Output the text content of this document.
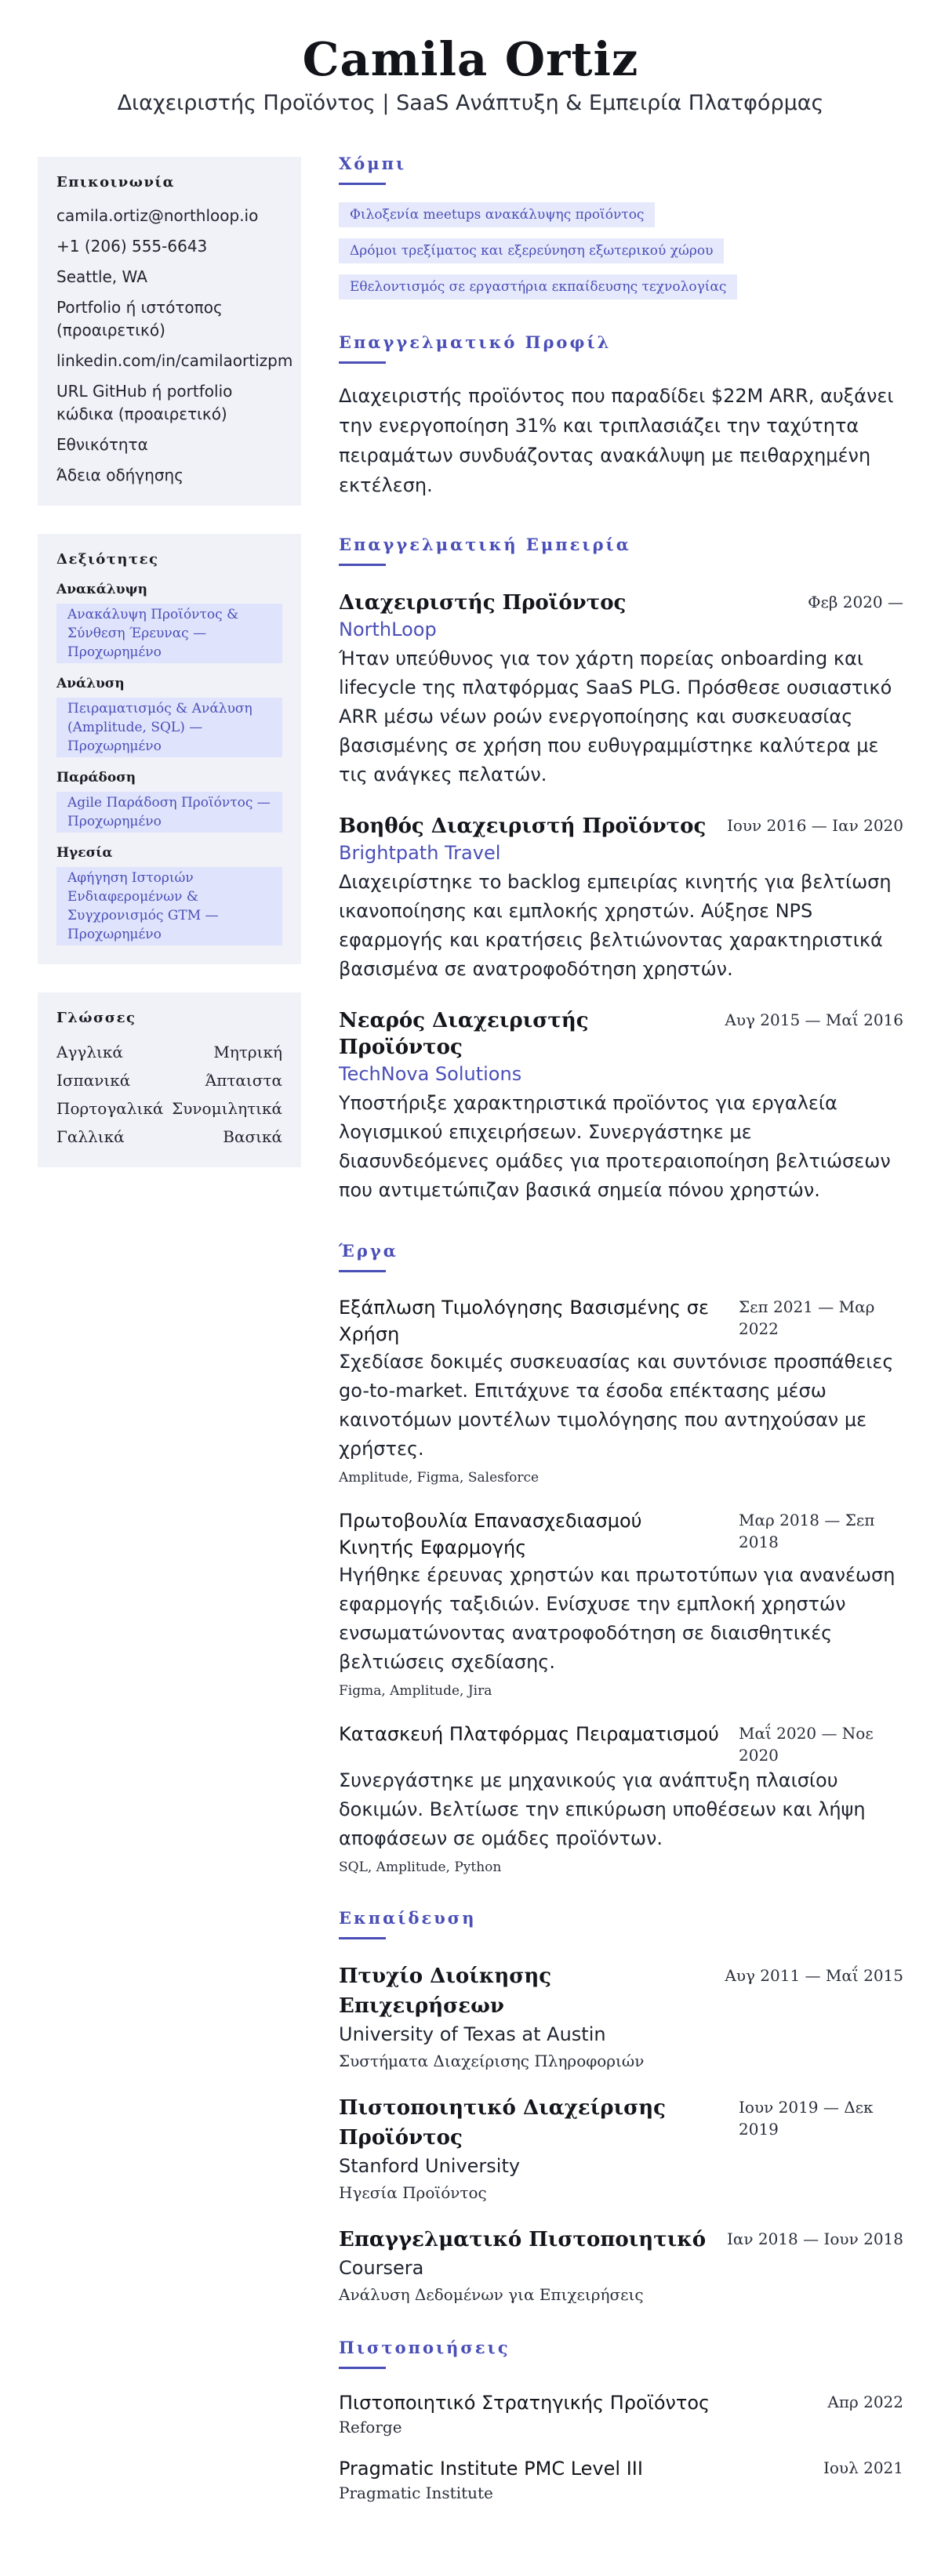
Camila Ortiz
Διαχειριστής Προϊόντος | SaaS Ανάπτυξη & Εμπειρία Πλατφόρμας
Επικοινωνία
camila.ortiz@northloop.io
+1 (206) 555-6643
Seattle, WA
Portfolio ή ιστότοπος (προαιρετικό)
linkedin.com/in/camilaortizpm
URL GitHub ή portfolio κώδικα (προαιρετικό)
Εθνικότητα
Άδεια οδήγησης
Δεξιότητες
Ανακάλυψη
Ανακάλυψη Προϊόντος & Σύνθεση Έρευνας — Προχωρημένο
Ανάλυση
Πειραματισμός & Ανάλυση (Amplitude, SQL) — Προχωρημένο
Παράδοση
Agile Παράδοση Προϊόντος — Προχωρημένο
Ηγεσία
Αφήγηση Ιστοριών Ενδιαφερομένων & Συγχρονισμός GTM — Προχωρημένο
Γλώσσες
Αγγλικά	Μητρική
Ισπανικά	Άπταιστα
Πορτογαλικά Συνομιλητικά
Γαλλικά	Βασικά
Χόμπι
Φιλοξενία meetups ανακάλυψης προϊόντος
Δρόμοι τρεξίματος και εξερεύνηση εξωτερικού χώρου
Εθελοντισμός σε εργαστήρια εκπαίδευσης τεχνολογίας
Επαγγελματικό Προφίλ
Διαχειριστής προϊόντος που παραδίδει $22M ARR, αυξάνει την ενεργοποίηση 31% και τριπλασιάζει την ταχύτητα πειραμάτων συνδυάζοντας ανακάλυψη με πειθαρχημένη εκτέλεση.
Επαγγελματική Εμπειρία
Διαχειριστής Προϊόντος	Φεβ 2020 —
NorthLoop
Ήταν υπεύθυνος για τον χάρτη πορείας onboarding και lifecycle της πλατφόρμας SaaS PLG. Πρόσθεσε ουσιαστικό ARR μέσω νέων ροών ενεργοποίησης και συσκευασίας βασισμένης σε χρήση που ευθυγραμμίστηκε καλύτερα με τις ανάγκες πελατών.
Βοηθός Διαχειριστή Προϊόντος	Ιουν 2016 — Ιαν 2020
Brightpath Travel
Διαχειρίστηκε το backlog εμπειρίας κινητής για βελτίωση ικανοποίησης και εμπλοκής χρηστών. Αύξησε NPS εφαρμογής και κρατήσεις βελτιώνοντας χαρακτηριστικά βασισμένα σε ανατροφοδότηση χρηστών.
Νεαρός Διαχειριστής Προϊόντος
Αυγ 2015 — Μαΐ 2016
TechNova Solutions
Υποστήριξε χαρακτηριστικά προϊόντος για εργαλεία λογισμικού επιχειρήσεων. Συνεργάστηκε με διασυνδεόμενες ομάδες για προτεραιοποίηση βελτιώσεων που αντιμετώπιζαν βασικά σημεία πόνου χρηστών.
Έργα
Εξάπλωση Τιμολόγησης Βασισμένης σε Χρήση
Σεπ 2021 — Μαρ 2022
Σχεδίασε δοκιμές συσκευασίας και συντόνισε προσπάθειες go-to-market. Επιτάχυνε τα έσοδα επέκτασης μέσω καινοτόμων μοντέλων τιμολόγησης που αντηχούσαν με χρήστες.
Amplitude, Figma, Salesforce
Πρωτοβουλία Επανασχεδιασμού Κινητής Εφαρμογής
Μαρ 2018 — Σεπ 2018
Ηγήθηκε έρευνας χρηστών και πρωτοτύπων για ανανέωση εφαρμογής ταξιδιών. Ενίσχυσε την εμπλοκή χρηστών ενσωματώνοντας ανατροφοδότηση σε διαισθητικές βελτιώσεις σχεδίασης.
Figma, Amplitude, Jira
Κατασκευή Πλατφόρμας Πειραματισμού Μαΐ 2020 — Νοε 2020
Συνεργάστηκε με μηχανικούς για ανάπτυξη πλαισίου δοκιμών. Βελτίωσε την επικύρωση υποθέσεων και λήψη αποφάσεων σε ομάδες προϊόντων.
SQL, Amplitude, Python
Εκπαίδευση
Πτυχίο Διοίκησης Επιχειρήσεων
Αυγ 2011 — Μαΐ 2015
University of Texas at Austin
Συστήματα Διαχείρισης Πληροφοριών
Πιστοποιητικό Διαχείρισης Προϊόντος
Ιουν 2019 — Δεκ 2019
Stanford University
Ηγεσία Προϊόντος
Επαγγελματικό Πιστοποιητικό	Ιαν 2018 — Ιουν 2018
Coursera
Ανάλυση Δεδομένων για Επιχειρήσεις
Πιστοποιήσεις
Πιστοποιητικό Στρατηγικής Προϊόντος	Απρ 2022
Reforge
Pragmatic Institute PMC Level III	Ιουλ 2021
Pragmatic Institute
